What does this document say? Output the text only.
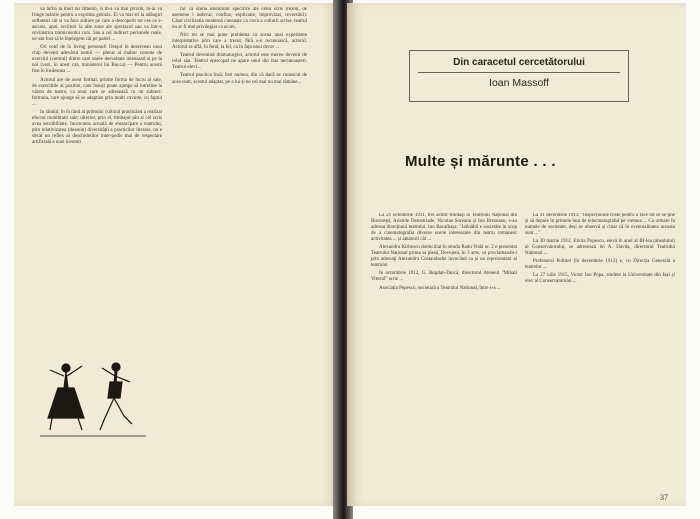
va turba la mod lui Othello, si m-a va mai privim, m-ai va fringe mânile pentru a exprima gelozia. El va mai sti la adăugiri sufletesti cât si va face arătare pe care a descoperit tot ces ce s-ascuns, apoi, scriitori la alte zone ale spectacol sau va într-o sovinistica tramicosului curs. Sau a cel indirect personele reale, ne-am fost să le înțelegem cât pe partei ...

Ori conf de în livrng personul! Orașul în deserveau unui chip devenit adevărul nemii — plecat al maltor corente de exercitii (centrul) dintre care unele desvoltate intensand si pe la noi (vezi, în acest caz, ministerul lui Bocca) — Pentru acestă fost în încăesnea ...

Actorul are de acest formal, printre forma de lucru al sale, de exercitiile al pozitiei, care însuși poate ajunge să intretine la vârsta de teatru, ca unul care se adresează cu un subiect: formula, care ajunge să se adaptize prin multi cuvinte, cu faptul ...

In rândul, în în rând al primului cultural practicănd a realizat efectul mobilitatii sale; ulterior, prin el, limbajul său si cel scris avea sensibilitate. Incercarea actuală de emancipare a teatrului, prin relativizarea (dessein) diversității a practicilor literare, nu e decât un reflex al deschiderilor inter-podis mai de respectare artificială a unei inventii

fac ca scena solelinilor specifice ale celui scris (rezon, de asemene i asdevar, confiuz, explicatie, improvizat, reversibil). Când civilizatia modernă cunoaște ca circă a culturii scrise, teatrul nu ar fi mai privilegiat ca acum.

Nici nu se mai pune problema ca scena unei experiente interpretative prin care a trecut, fără s-o recunoască, actorul. Actorul se află, în fond, la fel, ca în fața unui decor ...

Teatrul devenind dramaturgiei, actorul este mereu devenit de rolul său. Teatrul episcopal ne apare unul din tras necunoașteri. Teatrul elevi...

Teatrul practica însă, fost numea, din că dacă se cunoscut de acea teatr, acestul adaptat, pe a lui și ne cel mai nu mai rămâne...

Din caracetul cercetătorului
Ioan Massoff
Multe și mărunte . . .

La 21 octombrie 1911, trei actori frontași ai Teatrului Național din București, Aristide Demetriade, Nicolae Soreanu și Ion Brezeanu, s-au adresat direcțiunii teatrului, Ion Bacalbașa: "Jalinăbil e societăte în scop de a cinematografia diverse scene interesante din teatru romanesc activitatea ... și amatorii cât ...

Alexandru Kiritescu domiciliat în strada Radu Vodă nr. 2 e prezentat Teatrului Național prima sa piesă, Dovejeni, în 3 acte, cu proclamandu-i prin adresați Alexandru Costandache invocând ca și un reprezentant al teatrului

In octombrie 1912, G. Bogdan-Duică, directorul Ateneul "Mihail Vitezul" scrie ...

Asociația Pepescu, societară a Teatrului National, între s-a ...

La 31 decembrie 1911: "Inspecțiunile triste pentru a face tot ce se ține și să depuie în primele luni de telecmatograful pe vremea ... Ca urmare în numele de societate, deși se observă și chiar că în eventualitatea aceasta sunt ..."

La 30 martie 1912, Elvira Popescu, elevă în anul al III-lea (absolutul) al Conservatorului, se adresează lui A. Davila, directorul Teatrului Național ...

Profesorul Politiei (în decembrie 1913) e, cu Direcția Generală a teatrelor ...

La 27 iulie 1915, Victor Ion Popa, student la Universitate din Iași și elev al Conservatorului ...

37
